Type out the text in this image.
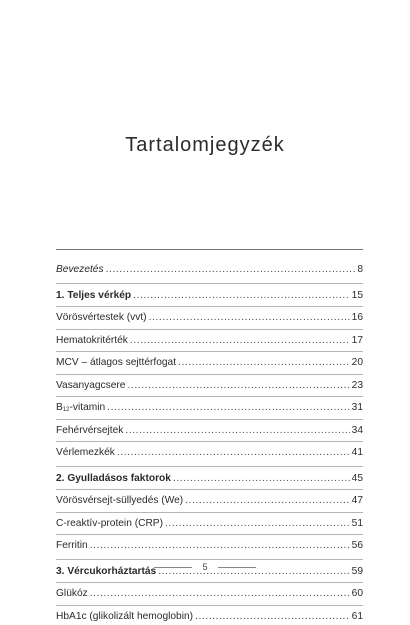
Tartalomjegyzék
Bevezetés .....	8
1. Teljes vérkép .....	15
Vörösvértestek (vvt) .....	16
Hematokritérték .....	17
MCV – átlagos sejttérfogat .....	20
Vasanyagcsere .....	23
B12-vitamin .....	31
Fehérvérsejtek .....	34
Vérlemezkék .....	41
2. Gyulladásos faktorok .....	45
Vörösvérsejt-süllyedés (We) .....	47
C-reaktív-protein (CRP) .....	51
Ferritin .....	56
3. Vércukorháztartás .....	59
Glükóz .....	60
HbA1c (glikolizált hemoglobin) .....	61
5
